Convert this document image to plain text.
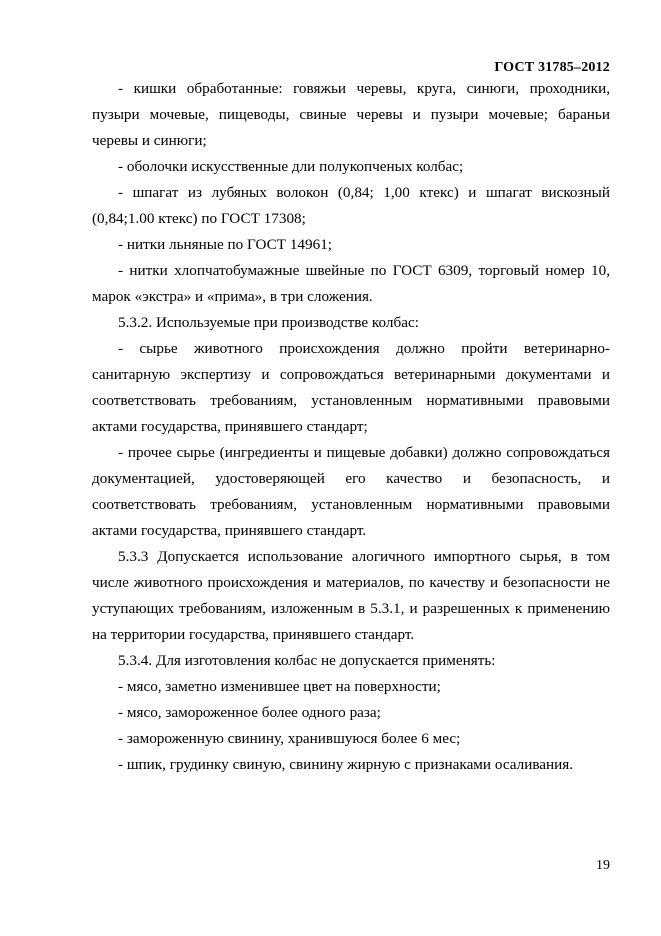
ГОСТ 31785–2012

- кишки обработанные: говяжьи черевы, круга, синюги, проходники, пузыри мочевые, пищеводы, свиные черевы и пузыри мочевые; бараньи черевы и синюги;

- оболочки искусственные дли полукопченых колбас;

- шпагат из лубяных волокон (0,84; 1,00 ктекс) и шпагат вискозный (0,84;1.00 ктекс) по ГОСТ 17308;

- нитки льняные по ГОСТ 14961;

- нитки хлопчатобумажные швейные по ГОСТ 6309, торговый номер 10, марок «экстра» и «прима», в три сложения.

5.3.2. Используемые при производстве колбас:

- сырье животного происхождения должно пройти ветеринарно-санитарную экспертизу и сопровождаться ветеринарными документами и соответствовать требованиям, установленным нормативными правовыми актами государства, принявшего стандарт;

- прочее сырье (ингредиенты и пищевые добавки) должно сопровождаться документацией, удостоверяющей его качество и безопасность, и соответствовать требованиям, установленным нормативными правовыми актами государства, принявшего стандарт.

5.3.3 Допускается использование алогичного импортного сырья, в том числе животного происхождения и материалов, по качеству и безопасности не уступающих требованиям, изложенным в 5.3.1, и разрешенных к применению на территории государства, принявшего стандарт.

5.3.4. Для изготовления колбас не допускается применять:

- мясо, заметно изменившее цвет на поверхности;

- мясо, замороженное более одного раза;

- замороженную свинину, хранившуюся более 6 мес;

- шпик, грудинку свиную, свинину жирную с признаками осаливания.

19
